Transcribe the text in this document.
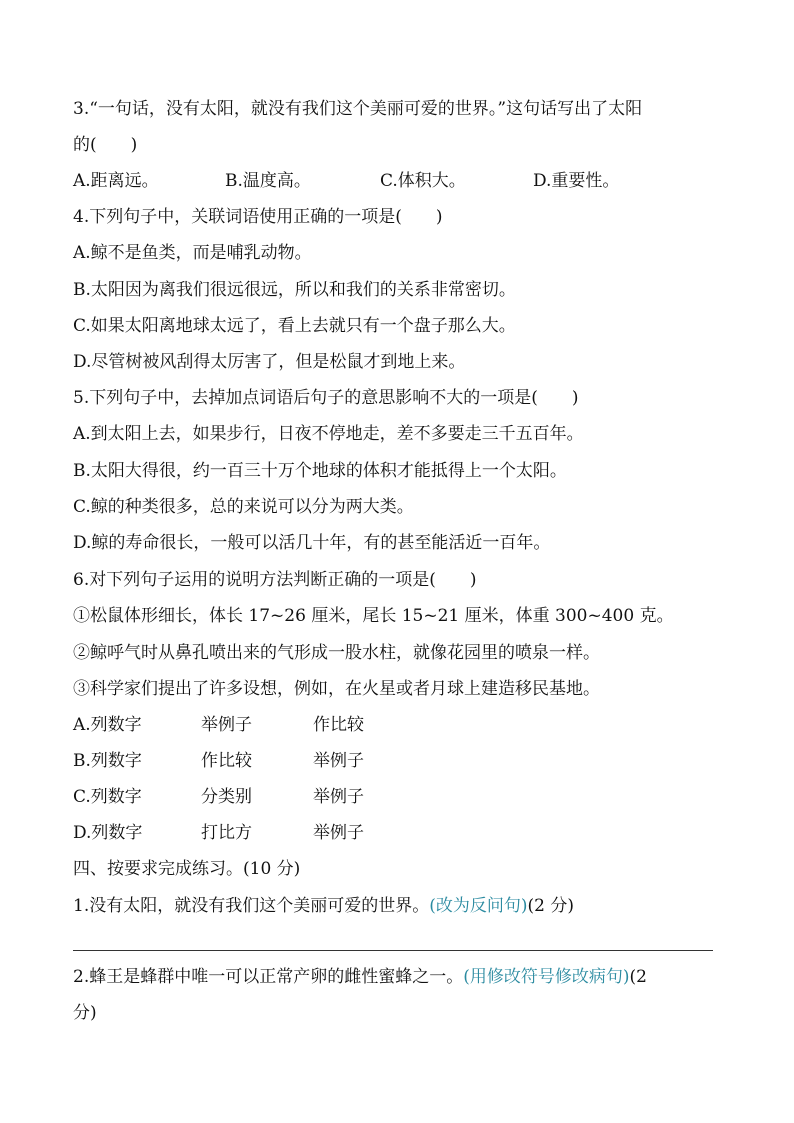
3.“一句话，没有太阳，就没有我们这个美丽可爱的世界。”这句话写出了太阳

的(　　)

A.距离远。	B.温度高。	C.体积大。	D.重要性。

4.下列句子中，关联词语使用正确的一项是(　　)

A.鲸不是鱼类，而是哺乳动物。

B.太阳因为离我们很远很远，所以和我们的关系非常密切。

C.如果太阳离地球太远了，看上去就只有一个盘子那么大。

D.尽管树被风刮得太厉害了，但是松鼠才到地上来。

5.下列句子中，去掉加点词语后句子的意思影响不大的一项是(　　)

A.到太阳上去，如果步行，日夜不停地走，差不多要走三千五百年。

B.太阳大得很，约一百三十万个地球的体积才能抵得上一个太阳。

C.鲸的种类很多，总的来说可以分为两大类。

D.鲸的寿命很长，一般可以活几十年，有的甚至能活近一百年。

6.对下列句子运用的说明方法判断正确的一项是(　　)

①松鼠体形细长，体长 17~26 厘米，尾长 15~21 厘米，体重 300~400 克。

②鲸呼气时从鼻孔喷出来的气形成一股水柱，就像花园里的喷泉一样。

③科学家们提出了许多设想，例如，在火星或者月球上建造移民基地。

A.列数字	举例子	作比较
B.列数字	作比较	举例子
C.列数字	分类别	举例子
D.列数字	打比方	举例子

四、按要求完成练习。(10 分)

1.没有太阳，就没有我们这个美丽可爱的世界。(改为反问句)(2 分)

2.蜂王是蜂群中唯一可以正常产卵的雌性蜜蜂之一。(用修改符号修改病句)(2

分)
